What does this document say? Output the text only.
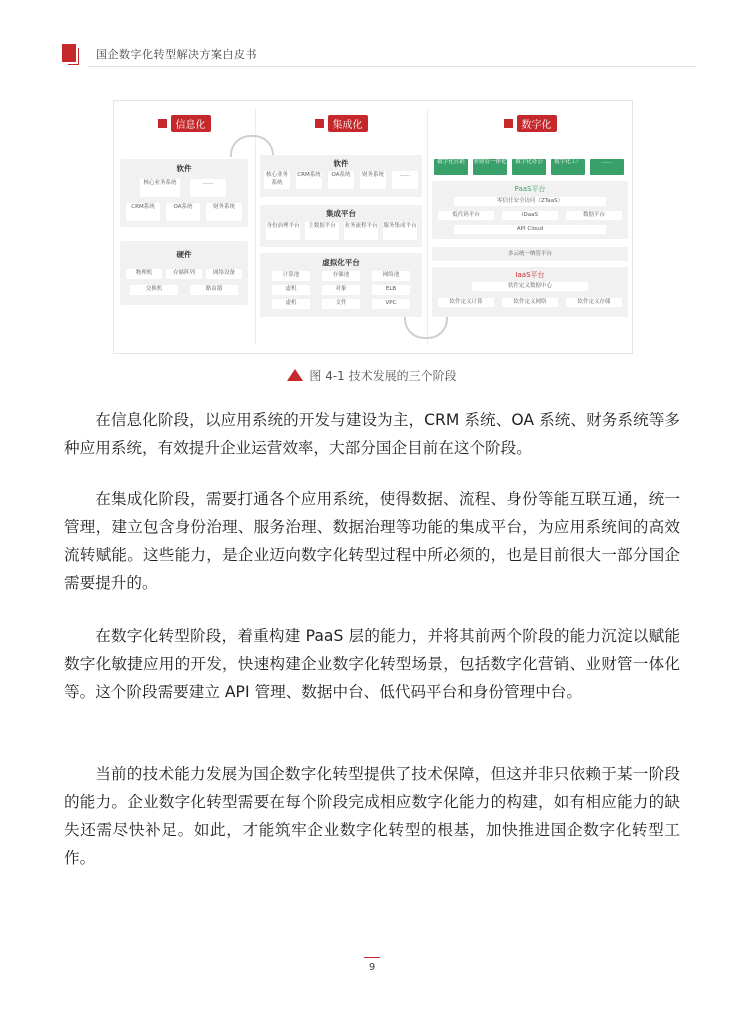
国企数字化转型解决方案白皮书
信息化
软件
核心业务系统	……
CRM系统	OA系统	财务系统
硬件
物理机	存储阵列	网络设备
交换机	路由器
集成化
软件
核心业务系统
CRM系统	OA系统	财务系统	……
集成平台
身份治理平台	主数据平台	业务流程平台 服务集成平台
虚拟化平台
计算池	存储池	网络池
虚机	对象	ELB
虚机	文件	VPC
数字化
数字化营销	业财管一体化	数字化办公	数字化工厂	……
PaaS平台
零信任安全访问（ZTaaS）
低代码平台	iDaaS	数据平台
API Cloud
多云统一纳管平台
IaaS平台
软件定义数据中心
软件定义计算	软件定义网络	软件定义存储
图 4-1 技术发展的三个阶段

在信息化阶段，以应用系统的开发与建设为主，CRM 系统、OA 系统、财务系统等多种应用系统，有效提升企业运营效率，大部分国企目前在这个阶段。

在集成化阶段，需要打通各个应用系统，使得数据、流程、身份等能互联互通，统一管理，建立包含身份治理、服务治理、数据治理等功能的集成平台，为应用系统间的高效流转赋能。这些能力，是企业迈向数字化转型过程中所必须的，也是目前很大一部分国企需要提升的。

在数字化转型阶段，着重构建 PaaS 层的能力，并将其前两个阶段的能力沉淀以赋能数字化敏捷应用的开发，快速构建企业数字化转型场景，包括数字化营销、业财管一体化等。这个阶段需要建立 API 管理、数据中台、低代码平台和身份管理中台。

当前的技术能力发展为国企数字化转型提供了技术保障，但这并非只依赖于某一阶段的能力。企业数字化转型需要在每个阶段完成相应数字化能力的构建，如有相应能力的缺失还需尽快补足。如此，才能筑牢企业数字化转型的根基，加快推进国企数字化转型工作。

9
